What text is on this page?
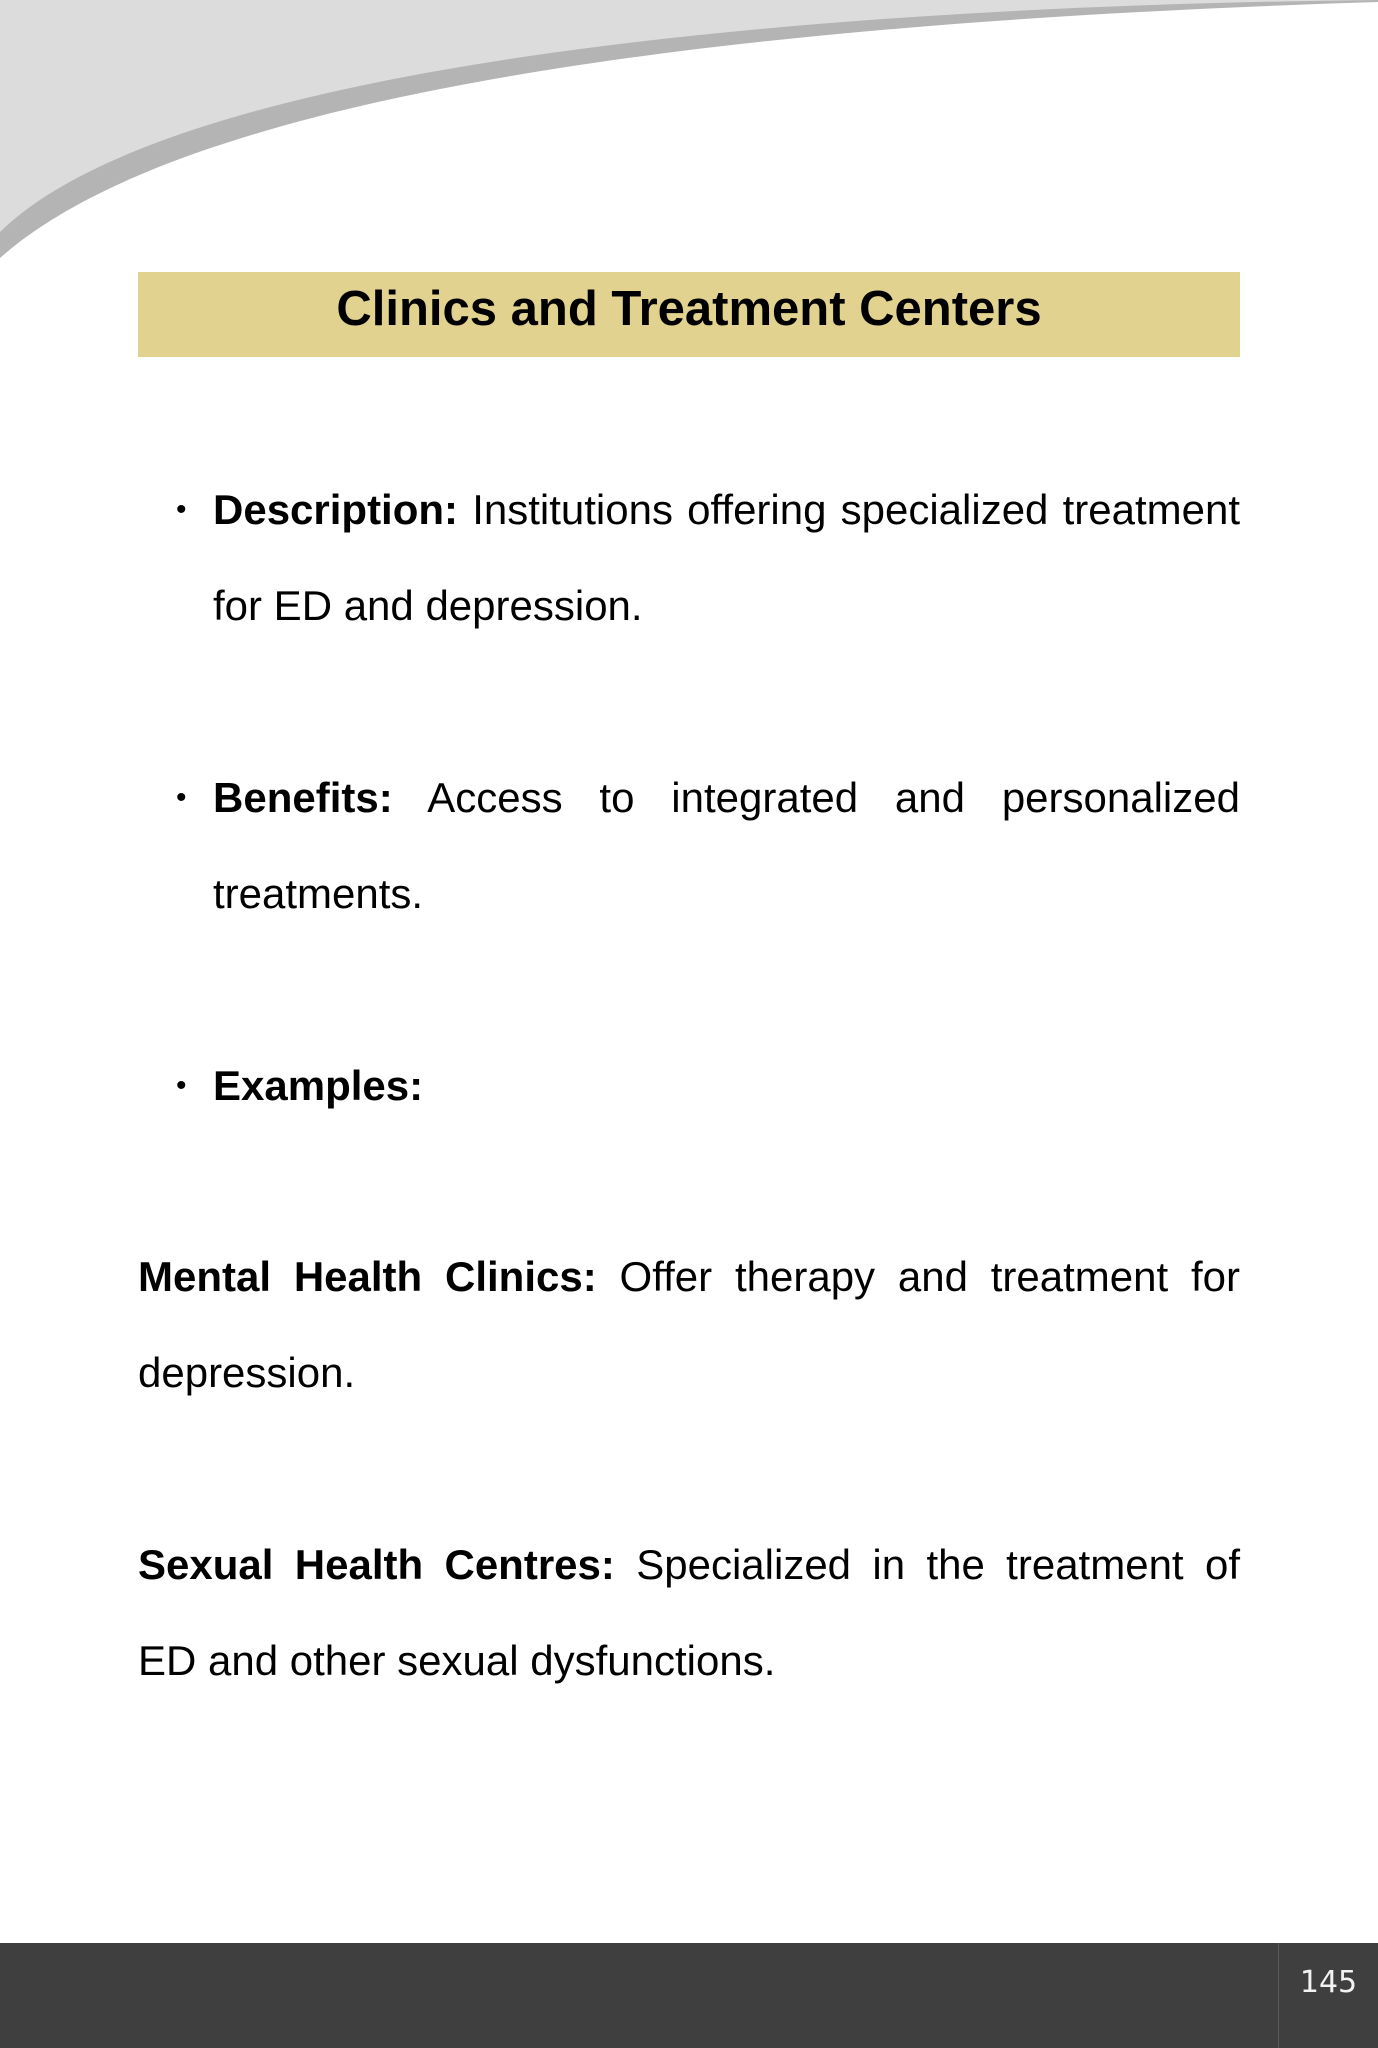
Clinics and Treatment Centers
• Description: Institutions offering specialized treatment for ED and depression.

• Benefits: Access to integrated and personalized treatments.

• Examples:

Mental Health Clinics: Offer therapy and treatment for depression.

Sexual Health Centres: Specialized in the treatment of ED and other sexual dysfunctions.

145
